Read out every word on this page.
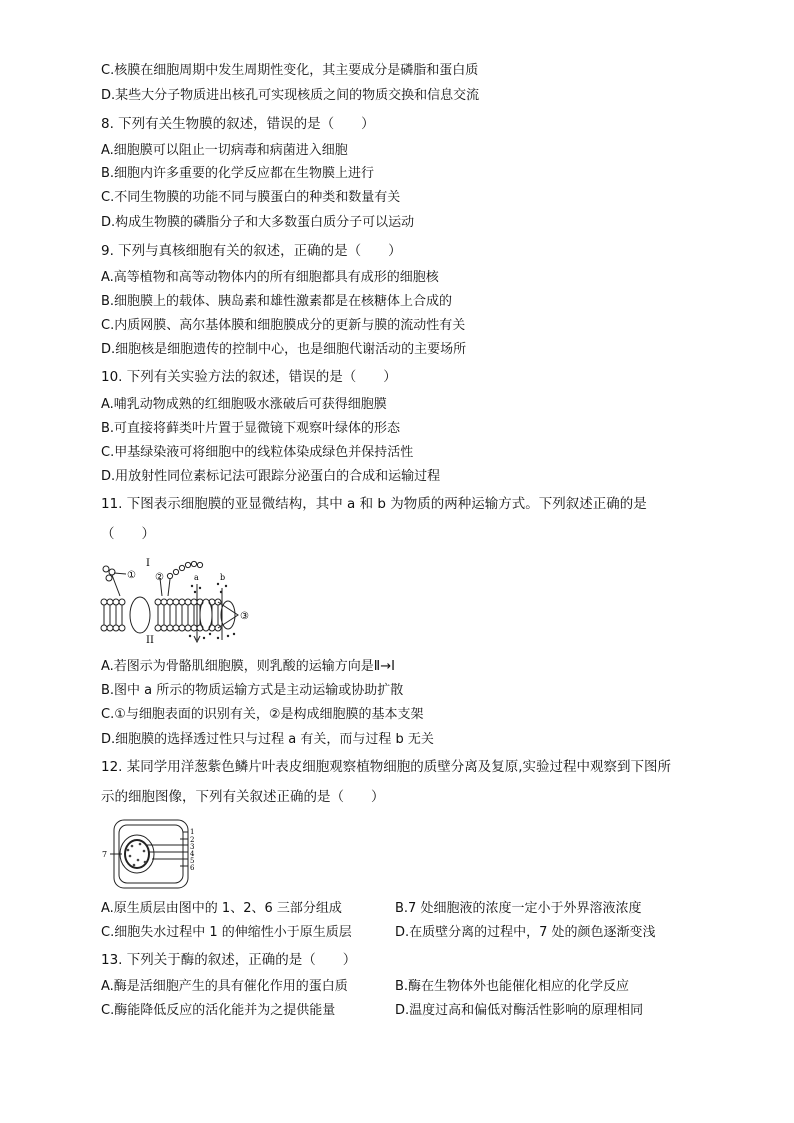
C.核膜在细胞周期中发生周期性变化，其主要成分是磷脂和蛋白质
D.某些大分子物质进出核孔可实现核质之间的物质交换和信息交流
8. 下列有关生物膜的叙述，错误的是（　　）
A.细胞膜可以阻止一切病毒和病菌进入细胞
B.细胞内许多重要的化学反应都在生物膜上进行
C.不同生物膜的功能不同与膜蛋白的种类和数量有关
D.构成生物膜的磷脂分子和大多数蛋白质分子可以运动
9. 下列与真核细胞有关的叙述，正确的是（　　）
A.高等植物和高等动物体内的所有细胞都具有成形的细胞核
B.细胞膜上的载体、胰岛素和雄性激素都是在核糖体上合成的
C.内质网膜、高尔基体膜和细胞膜成分的更新与膜的流动性有关
D.细胞核是细胞遗传的控制中心，也是细胞代谢活动的主要场所
10. 下列有关实验方法的叙述，错误的是（　　）
A.哺乳动物成熟的红细胞吸水涨破后可获得细胞膜
B.可直接将藓类叶片置于显微镜下观察叶绿体的形态
C.甲基绿染液可将细胞中的线粒体染成绿色并保持活性
D.用放射性同位素标记法可跟踪分泌蛋白的合成和运输过程
11. 下图表示细胞膜的亚显微结构，其中 a 和 b 为物质的两种运输方式。下列叙述正确的是
（　　）
I
II
① ②
③
a	b
A.若图示为骨骼肌细胞膜，则乳酸的运输方向是Ⅱ→Ⅰ
B.图中 a 所示的物质运输方式是主动运输或协助扩散
C.①与细胞表面的识别有关，②是构成细胞膜的基本支架
D.细胞膜的选择透过性只与过程 a 有关，而与过程 b 无关
12. 某同学用洋葱紫色鳞片叶表皮细胞观察植物细胞的质壁分离及复原,实验过程中观察到下图所
示的细胞图像，下列有关叙述正确的是（　　）
1
2
3
4
5
6
7
A.原生质层由图中的 1、2、6 三部分组成	B.7 处细胞液的浓度一定小于外界溶液浓度
C.细胞失水过程中 1 的伸缩性小于原生质层	D.在质壁分离的过程中，7 处的颜色逐渐变浅
13. 下列关于酶的叙述，正确的是（　　）
A.酶是活细胞产生的具有催化作用的蛋白质	B.酶在生物体外也能催化相应的化学反应
C.酶能降低反应的活化能并为之提供能量	D.温度过高和偏低对酶活性影响的原理相同
